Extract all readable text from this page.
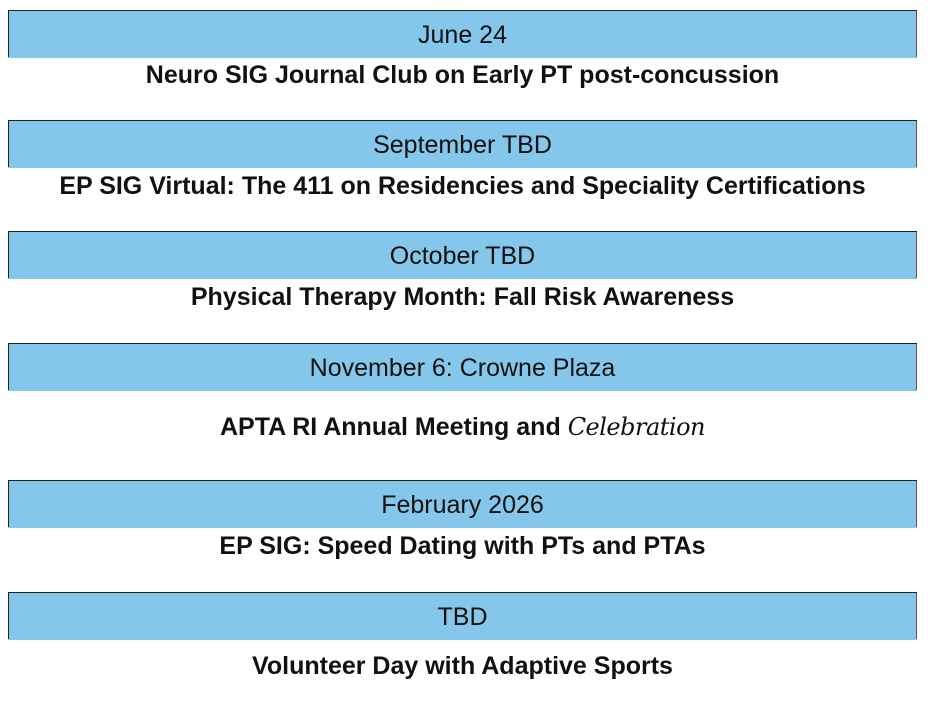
June 24
Neuro SIG Journal Club on Early PT post-concussion
September TBD
EP SIG Virtual: The 411 on Residencies and Speciality Certifications
October TBD
Physical Therapy Month: Fall Risk Awareness
November 6: Crowne Plaza
APTA RI Annual Meeting and Celebration
February 2026
EP SIG: Speed Dating with PTs and PTAs
TBD
Volunteer Day with Adaptive Sports
